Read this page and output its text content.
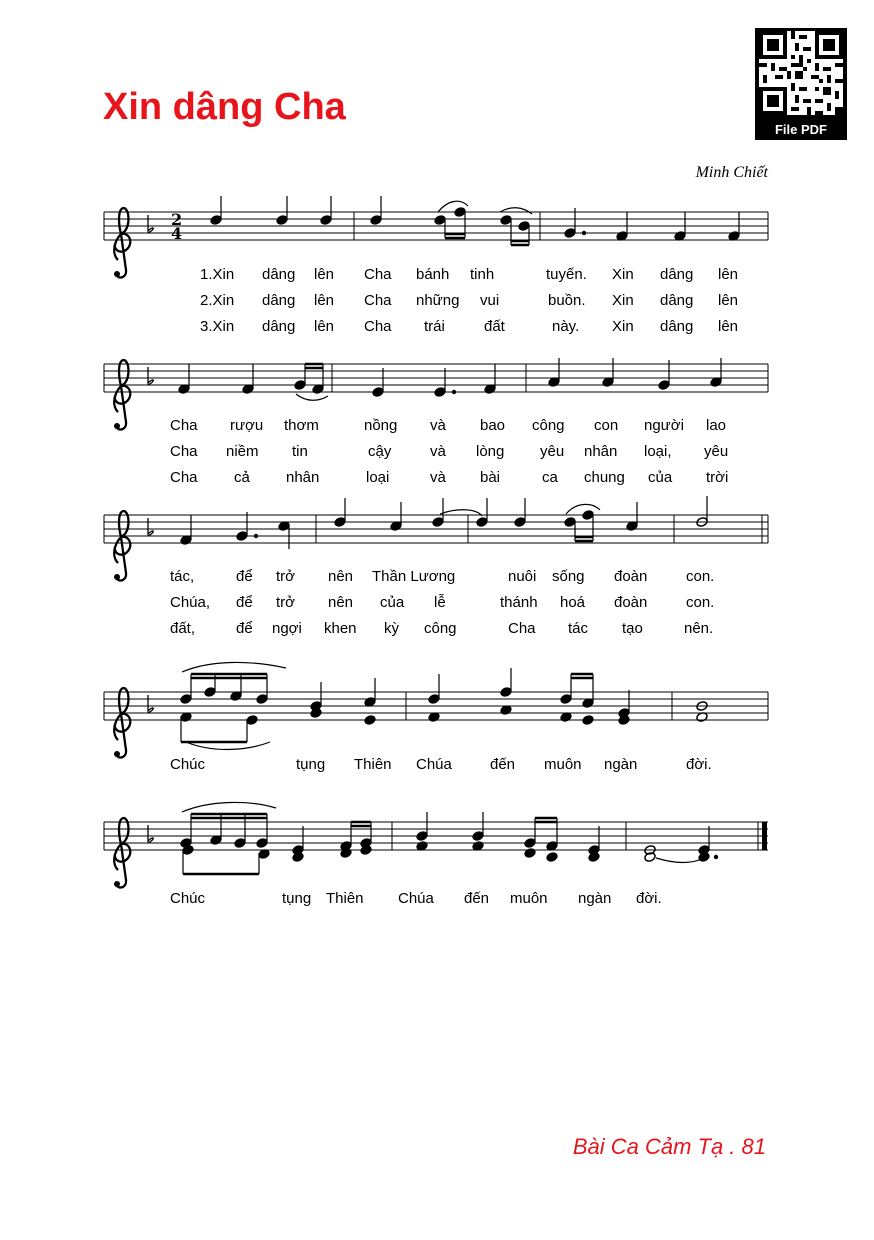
Xin dâng Cha
Minh Chiết
File PDF
2
4
1.Xin dâng lên Cha bánh tinh	tuyến. Xin dâng lên
2.Xin dâng lên Cha những vui	buồn. Xin dâng lên
3.Xin dâng lên Cha trái	đất	này. Xin dâng lên
Cha rượu thơm	nồng và bao công con người lao
Cha niềm tin	cậy	và lòng yêu nhân loại, yêu
Cha cả nhân	loại	và bài	ca chung của trời
tác,	để trở nên Thần Lương	nuôi sống đoàn	con.
Chúa, để trở nên của lễ	thánh hoá đoàn	con.
đất,	để ngợi khen kỳ công	Cha tác tạo	nên.
Chúc	tụng Thiên Chúa	đến muôn ngàn	đời.
Chúc	tụng Thiên Chúa đến muôn ngàn đời.
Bài Ca Cảm Tạ . 81
